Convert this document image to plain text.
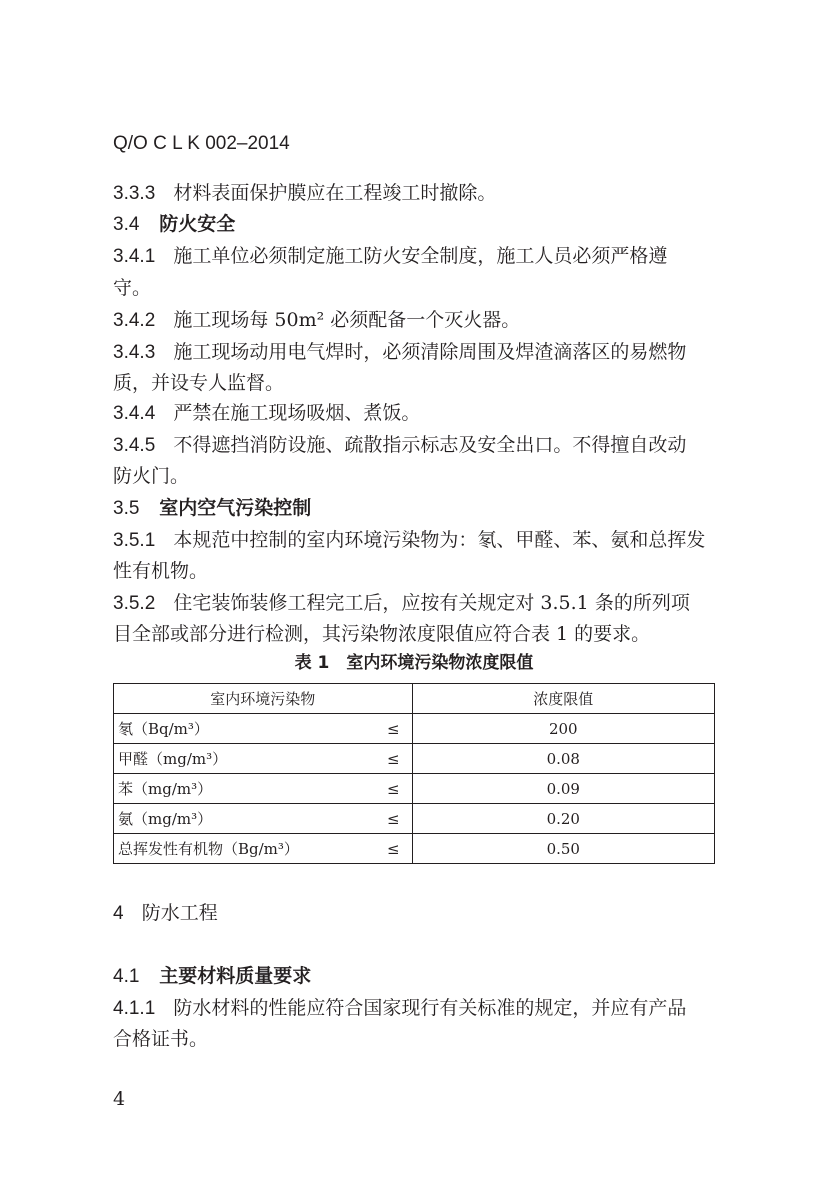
Q/O C L K 002–2014
3.3.3 材料表面保护膜应在工程竣工时撤除。
3.4 防火安全
3.4.1 施工单位必须制定施工防火安全制度，施工人员必须严格遵
守。
3.4.2 施工现场每 50m² 必须配备一个灭火器。
3.4.3 施工现场动用电气焊时，必须清除周围及焊渣滴落区的易燃物
质，并设专人监督。
3.4.4 严禁在施工现场吸烟、煮饭。
3.4.5 不得遮挡消防设施、疏散指示标志及安全出口。不得擅自改动
防火门。
3.5 室内空气污染控制
3.5.1 本规范中控制的室内环境污染物为：氡、甲醛、苯、氨和总挥发
性有机物。
3.5.2 住宅装饰装修工程完工后，应按有关规定对 3.5.1 条的所列项
目全部或部分进行检测，其污染物浓度限值应符合表 1 的要求。
表 1　室内环境污染物浓度限值
室内环境污染物	浓度限值
氡（Bq/m³） ≤	200
甲醛（mg/m³） ≤	0.08
苯（mg/m³） ≤	0.09
氨（mg/m³） ≤	0.20
总挥发性有机物（Bg/m³） ≤	0.50
4 防水工程
4.1 主要材料质量要求
4.1.1 防水材料的性能应符合国家现行有关标准的规定，并应有产品
合格证书。
4
